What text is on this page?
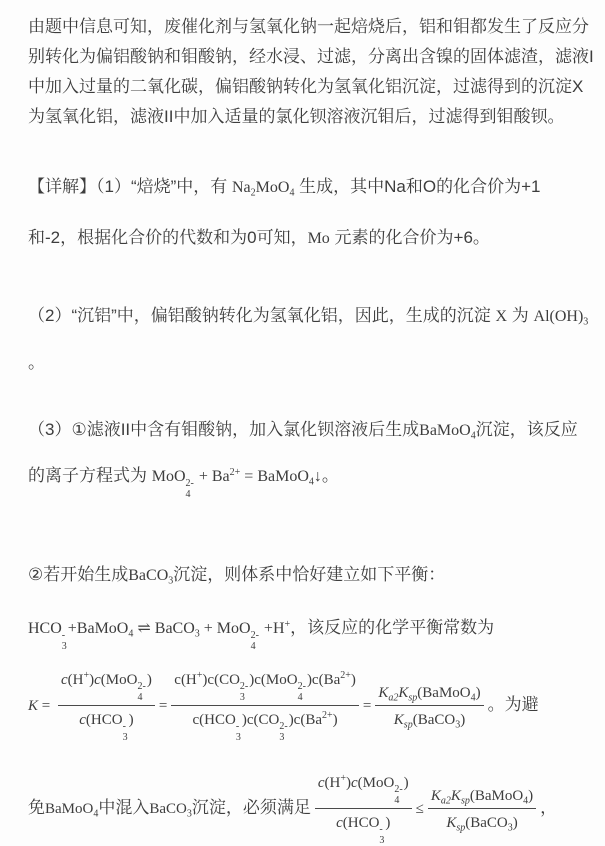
由题中信息可知，废催化剂与氢氧化钠一起焙烧后，铝和钼都发生了反应分
别转化为偏铝酸钠和钼酸钠，经水浸、过滤，分离出含镍的固体滤渣，滤液I
中加入过量的二氧化碳，偏铝酸钠转化为氢氧化铝沉淀，过滤得到的沉淀X
为氢氧化铝，滤液II中加入适量的氯化钡溶液沉钼后，过滤得到钼酸钡。
【详解】（1）“焙烧”中，有 $Na_2MoO_4$ 生成，其中Na和O的化合价为+1
和-2，根据化合价的代数和为0可知，Mo 元素的化合价为+6。
（2）“沉铝”中，偏铝酸钠转化为氢氧化铝，因此，生成的沉淀 X 为 $Al(OH)_3$
。
（3）①滤液II中含有钼酸钠，加入氯化钡溶液后生成BaMoO$_4$沉淀，该反应
的离子方程式为 MoO 2-
4
+ $Ba^{2+}$ = BaMoO$_4$↓。
②若开始生成BaCO$_3$沉淀，则体系中恰好建立如下平衡：
HCO -
3
+BaMoO$_4$ ⇌ BaCO$_3$ + MoO 2-
4
+H+，该反应的化学平衡常数为
K = c(H+)c(MoO 2-
4
)
c(HCO -
3
) = c(H+)c(CO 2-
3
)c(MoO 2-
4
)$c(Ba^{2+})$
c(HCO -
3
)c(CO 2-
3
)$c(Ba^{2+}) = \frac{K_{a2}K_{sp}(BaMoO_4)}{K_{sp}(BaCO_3)}$ 。为避
免BaMoO$_4$中混入BaCO$_3$沉淀，必须满足 c(H+)c(MoO 2-
4
)
c(HCO -
3
) ≤ $\frac{K_{a2}K_{sp}(BaMoO_4)}{K_{sp}(BaCO_3)}$ ，
